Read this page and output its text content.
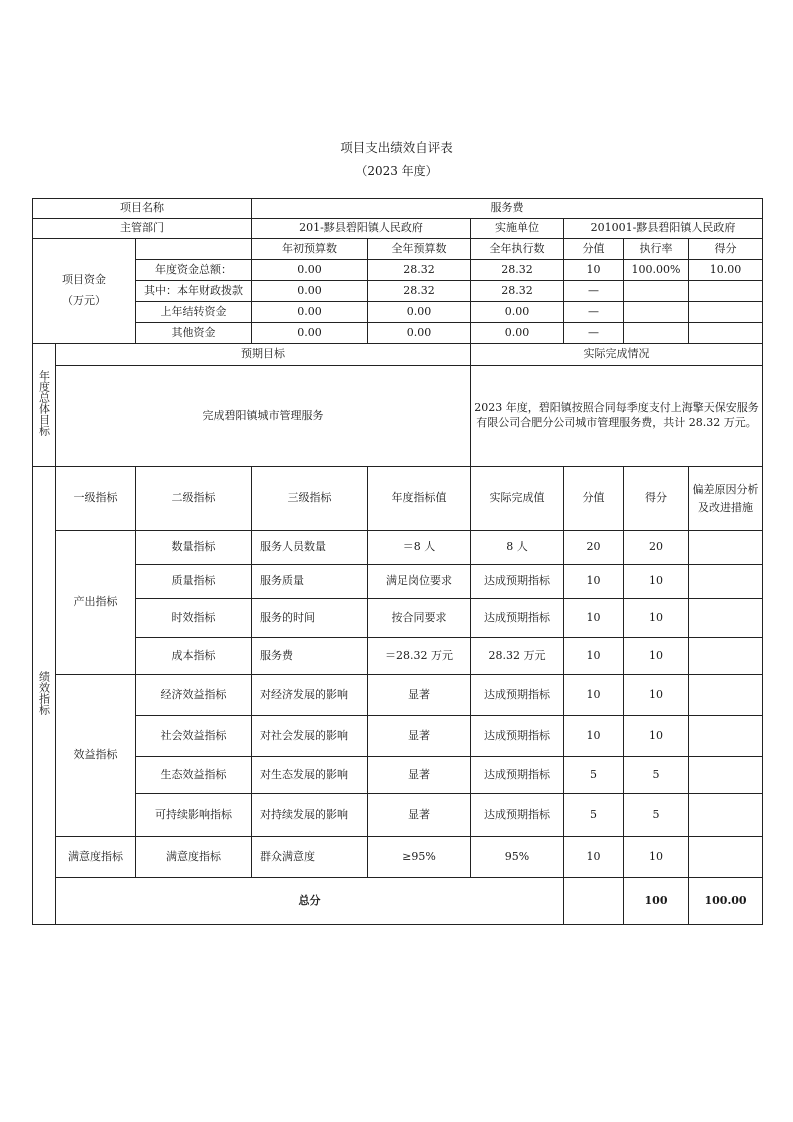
项目支出绩效自评表
（2023 年度）
项目名称			服务费						
主管部门			201-黟县碧阳镇人民政府		实施单位	201001-黟县碧阳镇人民政府			

项目资金
（万元）			年初预算数	全年预算数	全年执行数	分值	执行率	得分	
		年度资金总额：	0.00	28.32	28.32	10	100.00%	10.00	
		其中：本年财政拨款	0.00	28.32	28.32	—			
		上年结转资金	0.00	0.00	0.00	—			
		其他资金	0.00	0.00	0.00	—			
年度总体目标	预期目标				实际完成情况				
	完成碧阳镇城市管理服务				2023 年度，碧阳镇按照合同每季度支付上海擎天保安服务有限公司合肥分公司城市管理服务费，共计 28.32 万元。				
绩效指标	一级指标	二级指标	三级指标	年度指标值	实际完成值	分值	得分	偏差原因分析及改进措施	
	产出指标	数量指标	服务人员数量	＝8 人	8 人	20	20		
		质量指标	服务质量	满足岗位要求	达成预期指标	10	10		
		时效指标	服务的时间	按合同要求	达成预期指标	10	10		
		成本指标	服务费	＝28.32 万元	28.32 万元	10	10		
	效益指标	经济效益指标	对经济发展的影响	显著	达成预期指标	10	10		
		社会效益指标	对社会发展的影响	显著	达成预期指标	10	10		
		生态效益指标	对生态发展的影响	显著	达成预期指标	5	5		
		可持续影响指标	对持续发展的影响	显著	达成预期指标	5	5		
	满意度指标	满意度指标	群众满意度	≥95%	95%	10	10		
	总分						100	100.00	
